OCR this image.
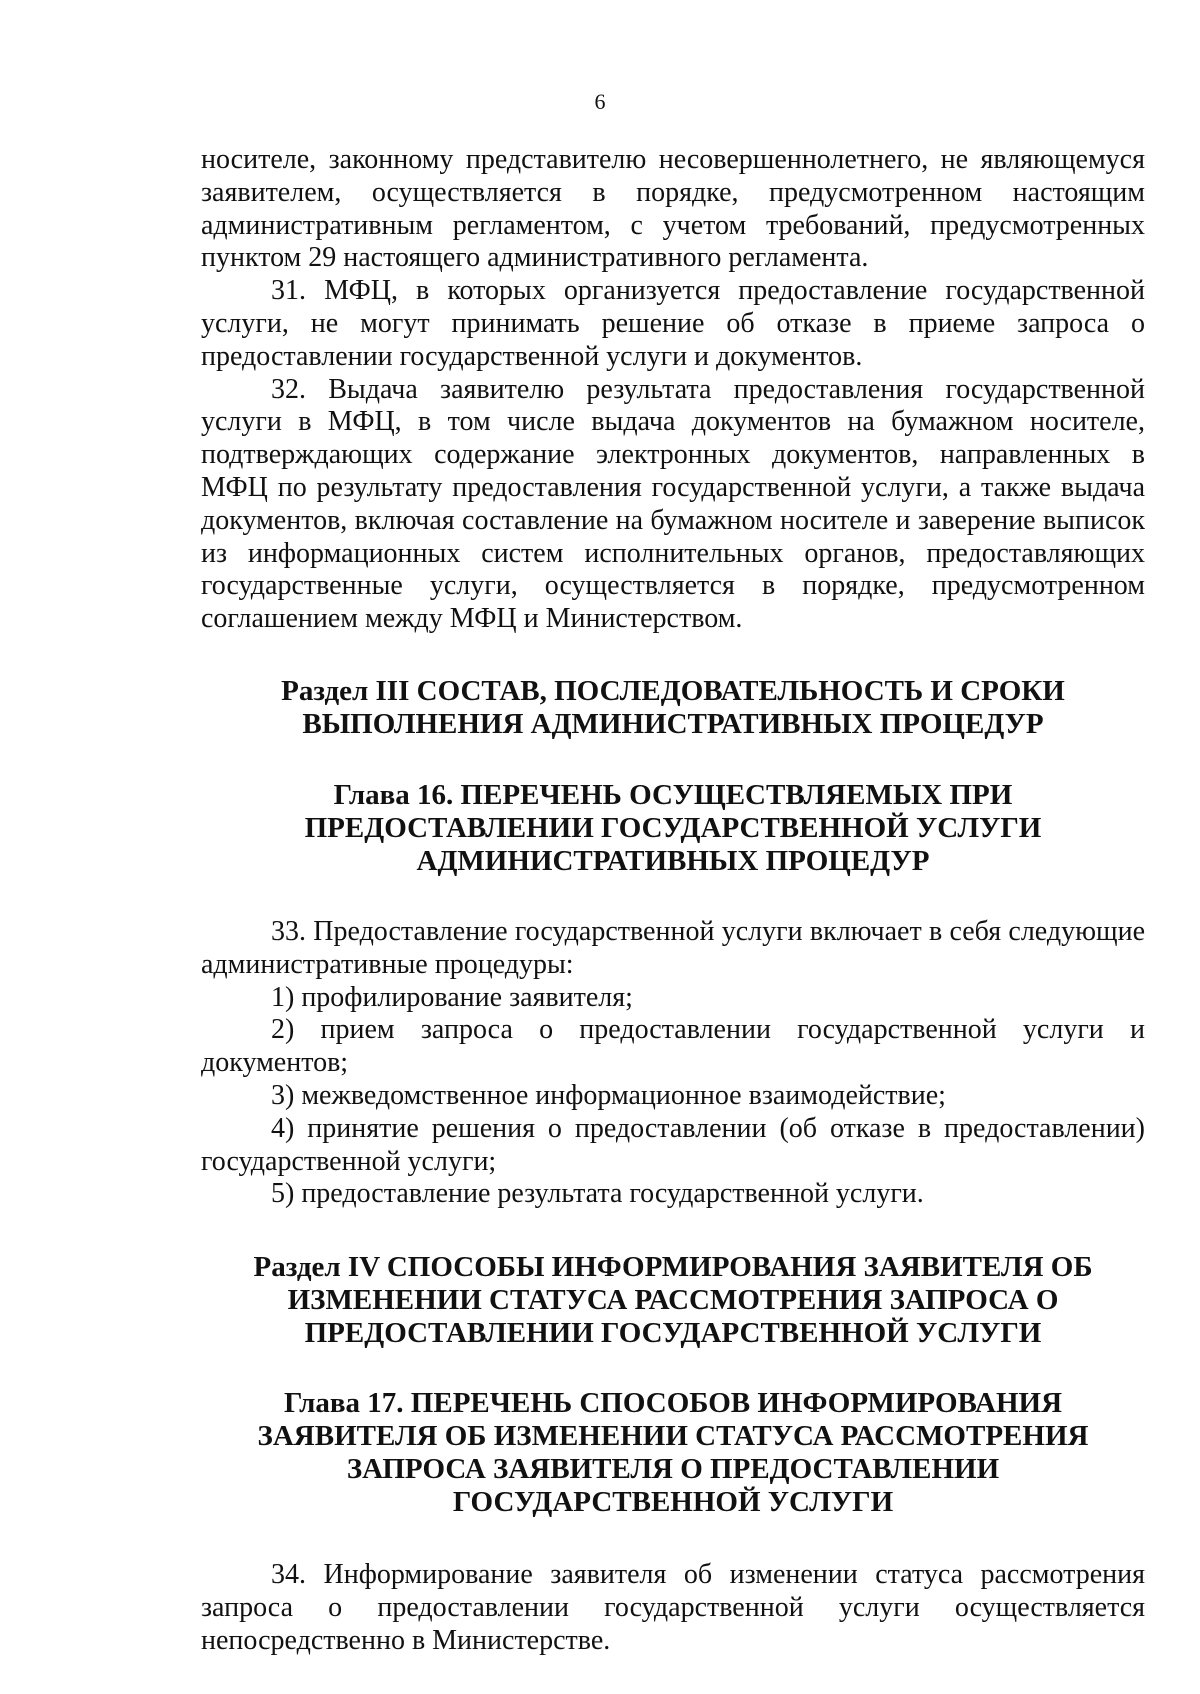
6

носителе, законному представителю несовершеннолетнего, не являющемуся заявителем, осуществляется в порядке, предусмотренном настоящим административным регламентом, с учетом требований, предусмотренных пунктом 29 настоящего административного регламента.

31. МФЦ, в которых организуется предоставление государственной услуги, не могут принимать решение об отказе в приеме запроса о предоставлении государственной услуги и документов.

32. Выдача заявителю результата предоставления государственной услуги в МФЦ, в том числе выдача документов на бумажном носителе, подтверждающих содержание электронных документов, направленных в МФЦ по результату предоставления государственной услуги, а также выдача документов, включая составление на бумажном носителе и заверение выписок из информационных систем исполнительных органов, предоставляющих государственные услуги, осуществляется в порядке, предусмотренном соглашением между МФЦ и Министерством.

Раздел III СОСТАВ, ПОСЛЕДОВАТЕЛЬНОСТЬ И СРОКИ ВЫПОЛНЕНИЯ АДМИНИСТРАТИВНЫХ ПРОЦЕДУР
Глава 16. ПЕРЕЧЕНЬ ОСУЩЕСТВЛЯЕМЫХ ПРИ ПРЕДОСТАВЛЕНИИ ГОСУДАРСТВЕННОЙ УСЛУГИ АДМИНИСТРАТИВНЫХ ПРОЦЕДУР

33. Предоставление государственной услуги включает в себя следующие административные процедуры:

1) профилирование заявителя;

2) прием запроса о предоставлении государственной услуги и документов;

3) межведомственное информационное взаимодействие;

4) принятие решения о предоставлении (об отказе в предоставлении) государственной услуги;

5) предоставление результата государственной услуги.

Раздел IV СПОСОБЫ ИНФОРМИРОВАНИЯ ЗАЯВИТЕЛЯ ОБ ИЗМЕНЕНИИ СТАТУСА РАССМОТРЕНИЯ ЗАПРОСА О ПРЕДОСТАВЛЕНИИ ГОСУДАРСТВЕННОЙ УСЛУГИ
Глава 17. ПЕРЕЧЕНЬ СПОСОБОВ ИНФОРМИРОВАНИЯ ЗАЯВИТЕЛЯ ОБ ИЗМЕНЕНИИ СТАТУСА РАССМОТРЕНИЯ ЗАПРОСА ЗАЯВИТЕЛЯ О ПРЕДОСТАВЛЕНИИ ГОСУДАРСТВЕННОЙ УСЛУГИ

34. Информирование заявителя об изменении статуса рассмотрения запроса о предоставлении государственной услуги осуществляется непосредственно в Министерстве.
